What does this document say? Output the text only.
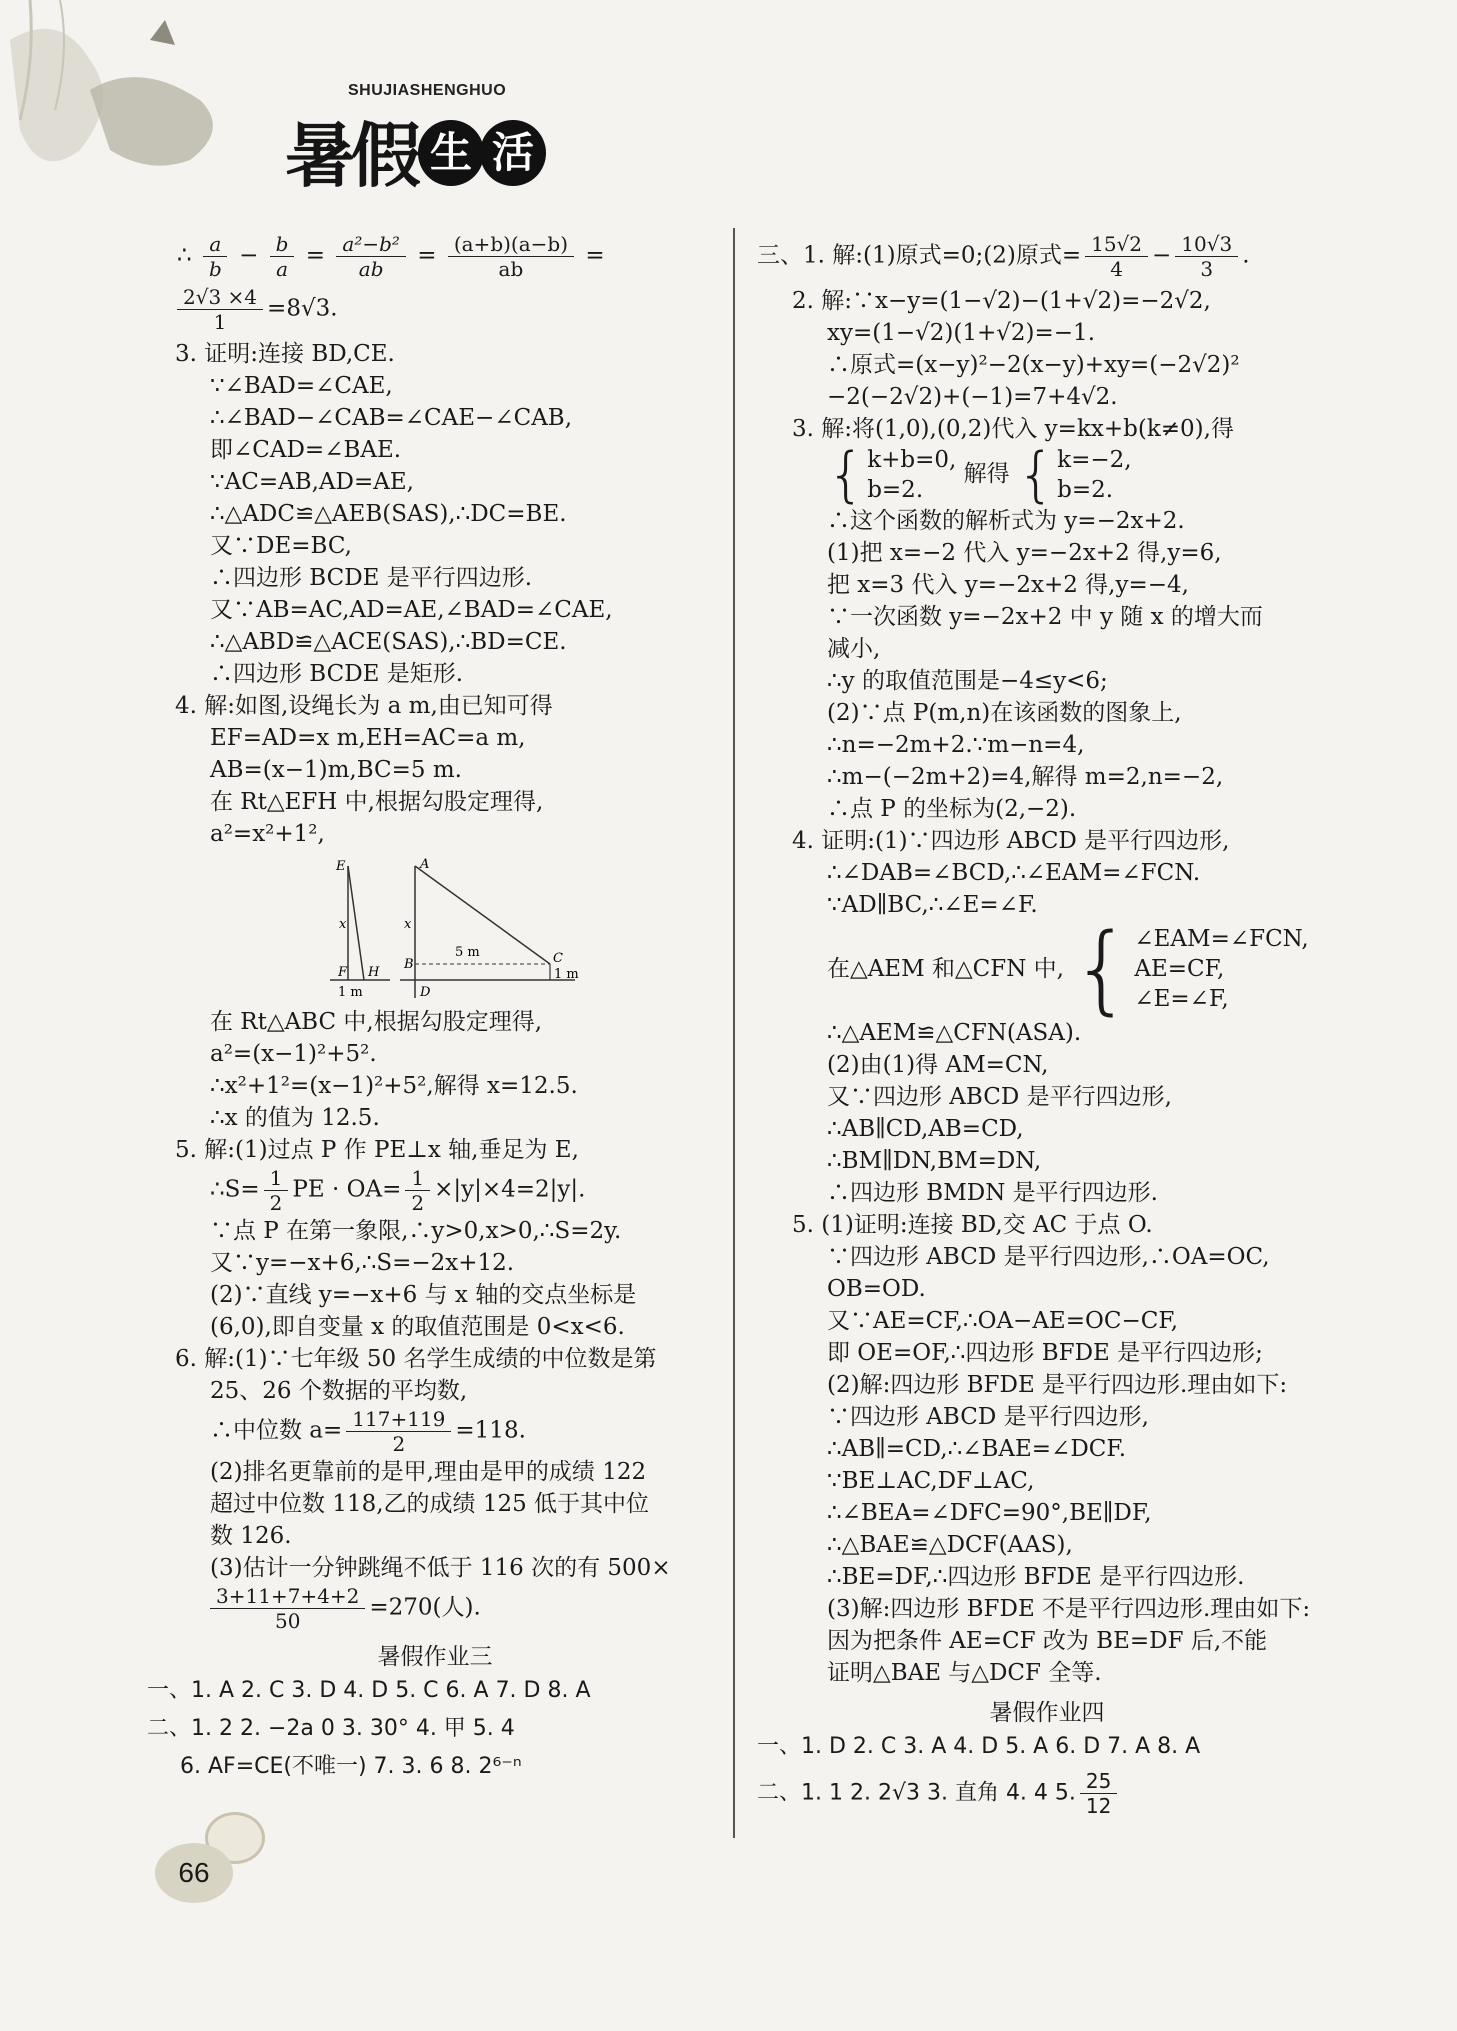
SHUJIASHENGHUO
暑假 生 活
∴ $\frac{a}{b} - \frac{b}{a} = \frac{\text{a²−b²}}{ab} = \frac{(a+b)(a-b)}{ab}$ =
$\frac{2√3 \times 4}{1} =8√3$.
3. 证明:连接 BD,CE.
∵∠BAD=∠CAE,
∴∠BAD−∠CAB=∠CAE−∠CAB,
即∠CAD=∠BAE.
∵AC=AB,AD=AE,
∴△ADC≌△AEB(SAS),∴DC=BE.
又∵DE=BC,
∴四边形 BCDE 是平行四边形.
又∵AB=AC,AD=AE,∠BAD=∠CAE,
∴△ABD≌△ACE(SAS),∴BD=CE.
∴四边形 BCDE 是矩形.
4. 解:如图,设绳长为 a m,由已知可得
EF=AD=x m,EH=AC=a m,
AB=(x−1)m,BC=5 m.
在 Rt△EFH 中,根据勾股定理得,
a²=x²+1²,
E	A
x	x
5 m
B	C
F H
D
1 m
1 m
在 Rt△ABC 中,根据勾股定理得,
a²=(x−1)²+5².
∴x²+1²=(x−1)²+5²,解得 x=12.5.
∴x 的值为 12.5.
5. 解:(1)过点 P 作 PE⊥x 轴,垂足为 E,
∴S= $\frac{1}{2}$ PE · $OA= \frac{1}{2} \times|y|\times 4=2|y|$.
∵点 P 在第一象限,∴y>0,x>0,∴S=2y.
又∵y=−x+6,∴S=−2x+12.
(2)∵直线 y=−x+6 与 x 轴的交点坐标是
(6,0),即自变量 x 的取值范围是 0<x<6.
6. 解:(1)∵七年级 50 名学生成绩的中位数是第
25、26 个数据的平均数,
∴中位数 $a= \frac{117+119}{2} =118$.
(2)排名更靠前的是甲,理由是甲的成绩 122
超过中位数 118,乙的成绩 125 低于其中位
数 126.
(3)估计一分钟跳绳不低于 116 次的有 500×
$\frac{3+11+7+4+2}{50} =270$(人).
暑假作业三
一、1. A 2. C 3. D 4. D 5. C 6. A 7. D 8. A
二、1. 2 2. −2a 0 3. 30° 4. 甲 5. 4
6. AF=CE(不唯一) 7. 3. 6 8. 2⁶⁻ⁿ
三、1. 解:(1)原式=0;(2)原式= $\frac{15√2}{4} - \frac{10√3}{3}$ .
2. 解:∵x−y=(1−√2)−(1+√2)=−2√2,
xy=(1−√2)(1+√2)=−1.
∴原式=(x−y)²−2(x−y)+xy=(−2√2)²
−2(−2√2)+(−1)=7+4√2.
3. 解:将(1,0),(0,2)代入 y=kx+b(k≠0),得
{ k+b=0,
b=2.
解得 { k=−2,
b=2.
∴这个函数的解析式为 y=−2x+2.
(1)把 x=−2 代入 y=−2x+2 得,y=6,
把 x=3 代入 y=−2x+2 得,y=−4,
∵一次函数 y=−2x+2 中 y 随 x 的增大而
减小,
∴y 的取值范围是−4≤y<6;
(2)∵点 P(m,n)在该函数的图象上,
∴n=−2m+2.∵m−n=4,
∴m−(−2m+2)=4,解得 m=2,n=−2,
∴点 P 的坐标为(2,−2).
4. 证明:(1)∵四边形 ABCD 是平行四边形,
∴∠DAB=∠BCD,∴∠EAM=∠FCN.
∵AD∥BC,∴∠E=∠F.
在△AEM 和△CFN 中, { ∠EAM=∠FCN,
AE=CF,
∠E=∠F,
∴△AEM≌△CFN(ASA).
(2)由(1)得 AM=CN,
又∵四边形 ABCD 是平行四边形,
∴AB∥CD,AB=CD,
∴BM∥DN,BM=DN,
∴四边形 BMDN 是平行四边形.
5. (1)证明:连接 BD,交 AC 于点 O.
∵四边形 ABCD 是平行四边形,∴OA=OC,
OB=OD.
又∵AE=CF,∴OA−AE=OC−CF,
即 OE=OF,∴四边形 BFDE 是平行四边形;
(2)解:四边形 BFDE 是平行四边形.理由如下:
∵四边形 ABCD 是平行四边形,
∴AB∥=CD,∴∠BAE=∠DCF.
∵BE⊥AC,DF⊥AC,
∴∠BEA=∠DFC=90°,BE∥DF,
∴△BAE≌△DCF(AAS),
∴BE=DF,∴四边形 BFDE 是平行四边形.
(3)解:四边形 BFDE 不是平行四边形.理由如下:
因为把条件 AE=CF 改为 BE=DF 后,不能
证明△BAE 与△DCF 全等.
暑假作业四
一、1. D 2. C 3. A 4. D 5. A 6. D 7. A 8. A
二、1. 1 2. 2√3 3. 直角 4. 4 5. $\frac{25}{12}$
66
